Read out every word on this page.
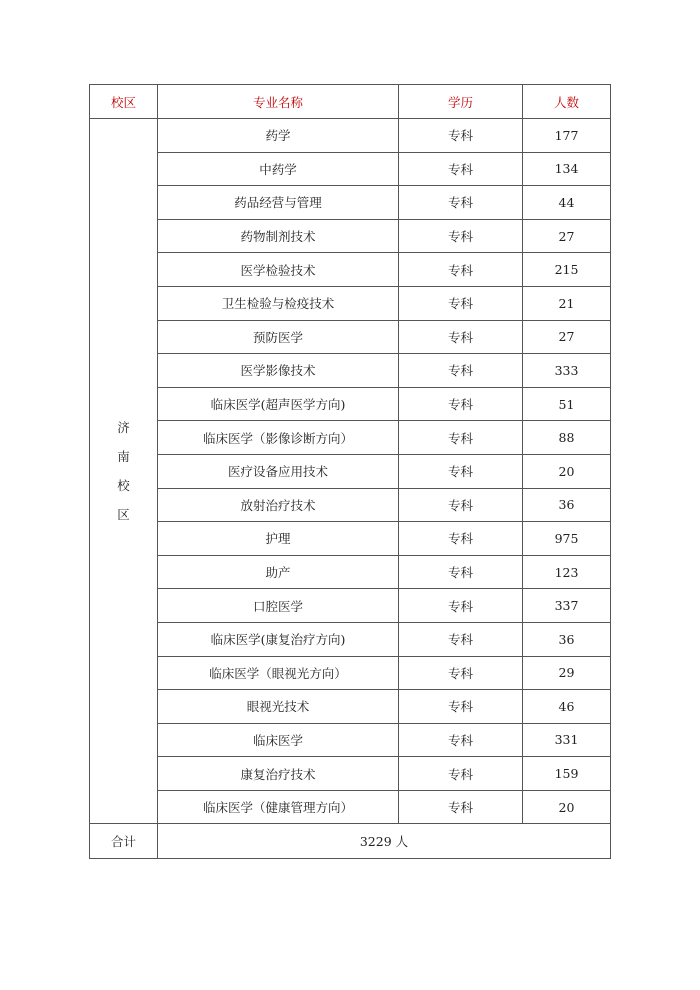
校区	专业名称	学历	人数

济
南
校
区	药学	专科	177
	中药学	专科	134
	药品经营与管理	专科	44
	药物制剂技术	专科	27
	医学检验技术	专科	215
	卫生检验与检疫技术	专科	21
	预防医学	专科	27
	医学影像技术	专科	333
	临床医学(超声医学方向)	专科	51
	临床医学（影像诊断方向）	专科	88
	医疗设备应用技术	专科	20
	放射治疗技术	专科	36
	护理	专科	975
	助产	专科	123
	口腔医学	专科	337
	临床医学(康复治疗方向)	专科	36
	临床医学（眼视光方向）	专科	29
	眼视光技术	专科	46
	临床医学	专科	331
	康复治疗技术	专科	159
	临床医学（健康管理方向）	专科	20
合计	3229 人		
